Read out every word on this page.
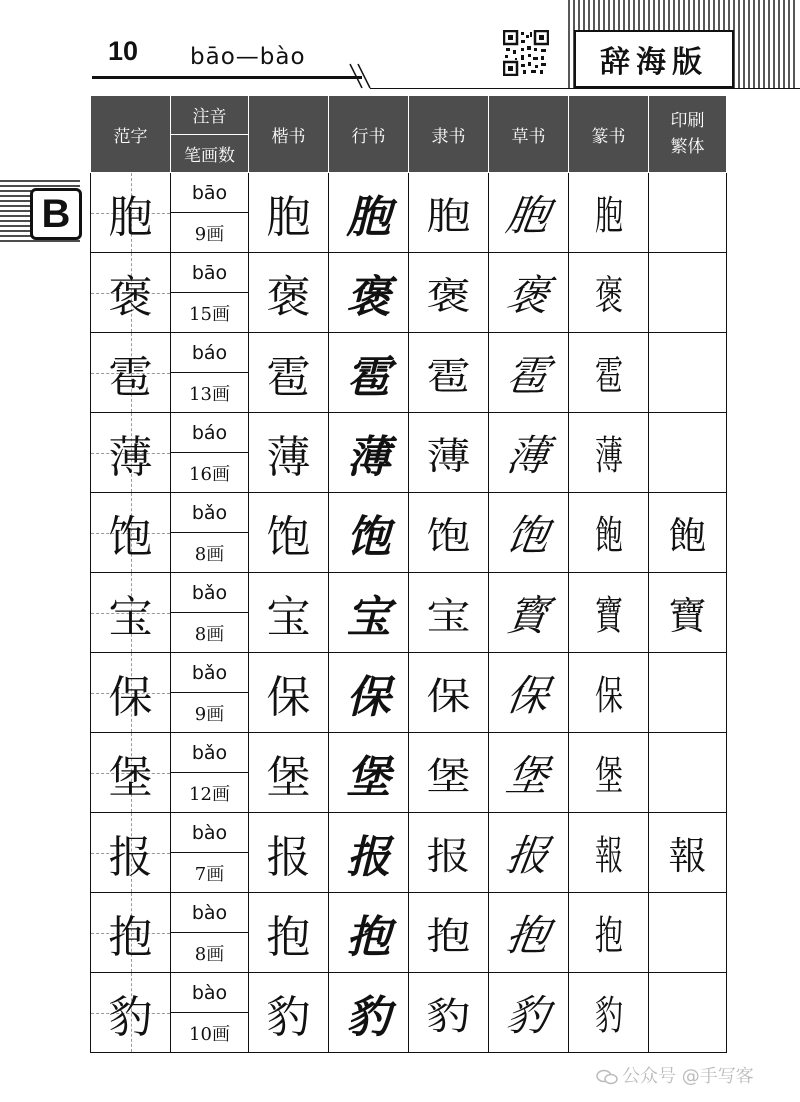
10 bāo—bào	辞海版
B
范字	注音
笔画数	楷书	行书	隶书	草书	篆书	印刷
繁体
胞	bāo	胞	胞	胞	胞	胞	
	9画						
褒	bāo	褒	褒	褒	褒	褒	
	15画						
雹	báo	雹	雹	雹	雹	雹	
	13画						
薄	báo	薄	薄	薄	薄	薄	
	16画						
饱	bǎo	饱	饱	饱	饱	飽	飽
	8画						
宝	bǎo	宝	宝	宝	寳	寶	寶
	8画						
保	bǎo	保	保	保	保	保	
	9画						
堡	bǎo	堡	堡	堡	堡	堡	
	12画						
报	bào	报	报	报	报	報	報
	7画						
抱	bào	抱	抱	抱	抱	抱	
	8画						
豹	bào	豹	豹	豹	豹	豹	
	10画						
公众号 @手写客
